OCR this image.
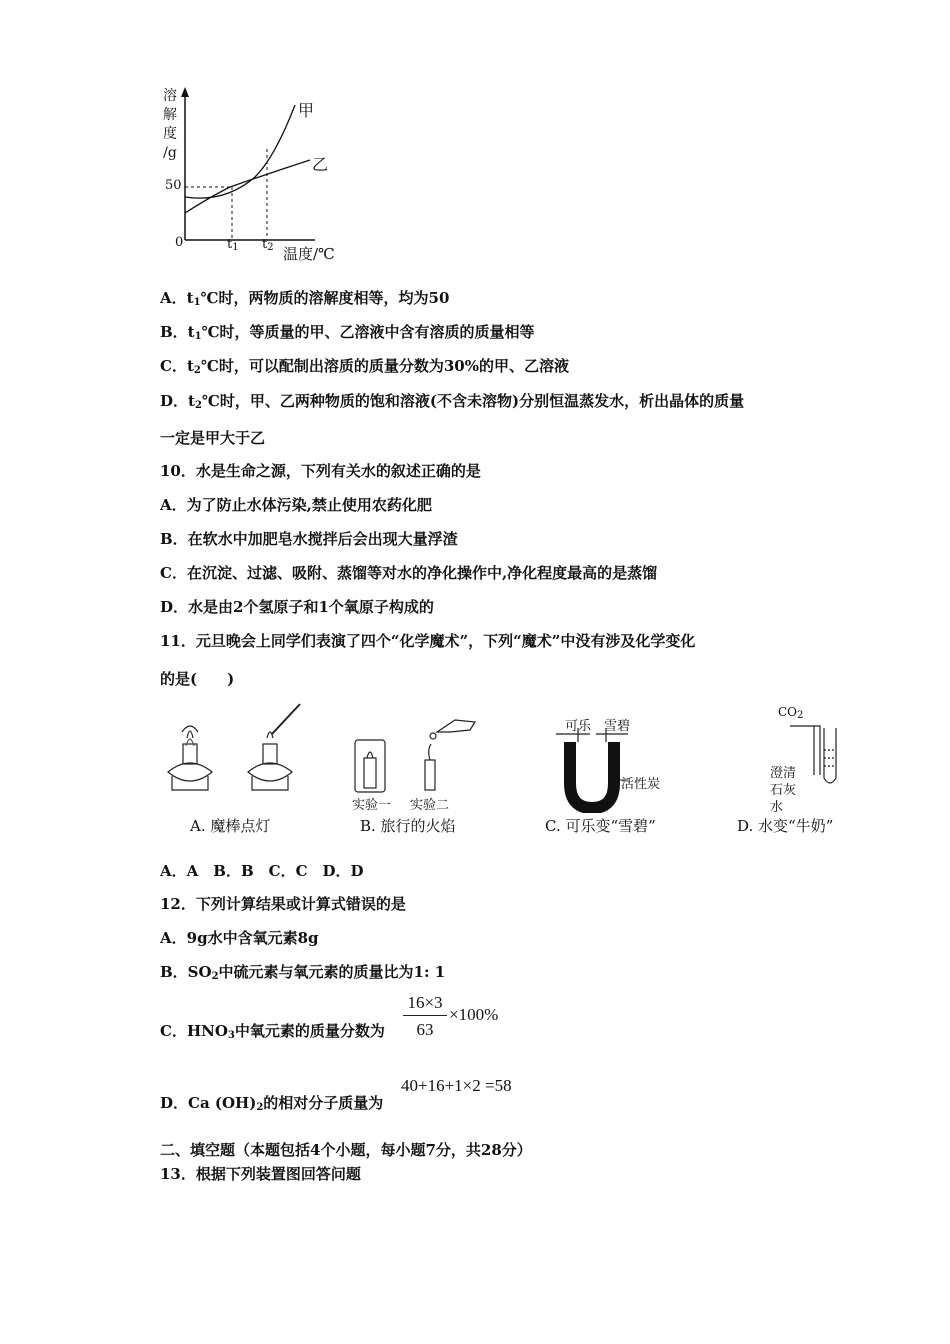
溶
解
度
/g
50
0	$t_1$ $t_2$ 温度/℃
甲
乙
A．$t_1℃$时，两物质的溶解度相等，均为50
B．$t_1℃$时，等质量的甲、乙溶液中含有溶质的质量相等
C．$t_2℃$时，可以配制出溶质的质量分数为30%的甲、乙溶液
D．$t_2℃$时，甲、乙两种物质的饱和溶液(不含未溶物)分别恒温蒸发水，析出晶体的质量
一定是甲大于乙
10．水是生命之源，下列有关水的叙述正确的是
A．为了防止水体污染,禁止使用农药化肥
B．在软水中加肥皂水搅拌后会出现大量浮渣
C．在沉淀、过滤、吸附、蒸馏等对水的净化操作中,净化程度最高的是蒸馏
D．水是由2个氢原子和1个氧原子构成的
11．元旦晚会上同学们表演了四个“化学魔术”，下列“魔术”中没有涉及化学变化
的是(　　)
实验一 实验二
可乐 雪碧
活性炭
$CO_2$
澄清
石灰
水
A. 魔棒点灯	B. 旅行的火焰	C. 可乐变“雪碧”	D. 水变“牛奶”
A．A　B．B　C．C　D．D
12．下列计算结果或计算式错误的是
A．9g水中含氧元素8g
B．$SO_2$中硫元素与氧元素的质量比为1: 1
C．$HNO_3$中氧元素的质量分数为
16×3
63
×100%
D．Ca $(OH)_2$的相对分子质量为
40+16+1×2 =58
二、填空题（本题包括4个小题，每小题7分，共28分）
13．根据下列装置图回答问题
